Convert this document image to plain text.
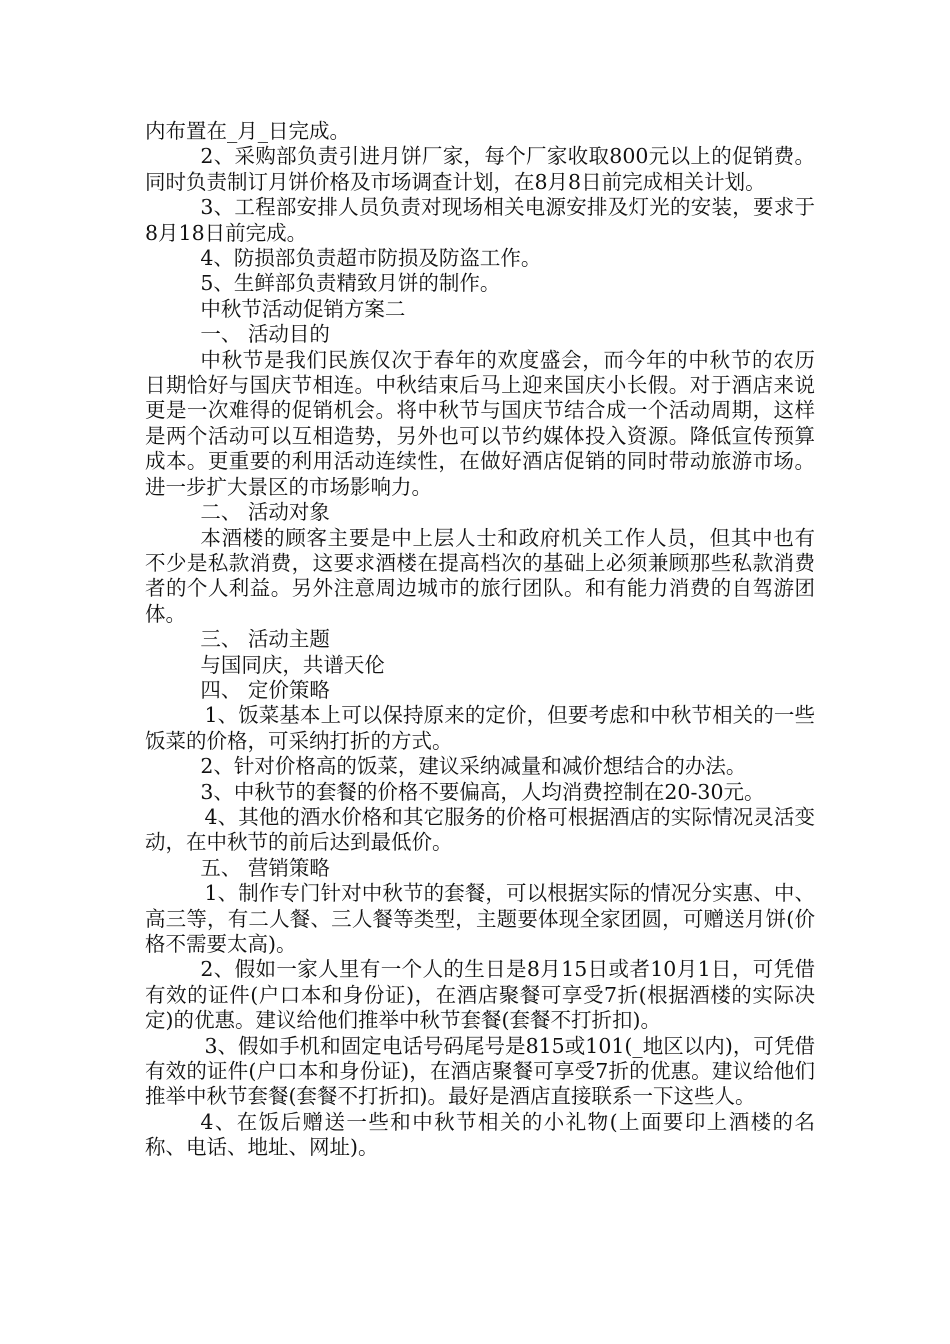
内布置在_月_日完成。

2、采购部负责引进月饼厂家，每个厂家收取800元以上的促销费。同时负责制订月饼价格及市场调查计划，在8月8日前完成相关计划。

3、工程部安排人员负责对现场相关电源安排及灯光的安装，要求于8月18日前完成。

4、防损部负责超市防损及防盗工作。

5、生鲜部负责精致月饼的制作。

中秋节活动促销方案二

一、 活动目的

中秋节是我们民族仅次于春年的欢度盛会，而今年的中秋节的农历日期恰好与国庆节相连。中秋结束后马上迎来国庆小长假。对于酒店来说更是一次难得的促销机会。将中秋节与国庆节结合成一个活动周期，这样是两个活动可以互相造势，另外也可以节约媒体投入资源。降低宣传预算成本。更重要的利用活动连续性，在做好酒店促销的同时带动旅游市场。进一步扩大景区的市场影响力。

二、 活动对象

本酒楼的顾客主要是中上层人士和政府机关工作人员，但其中也有不少是私款消费，这要求酒楼在提高档次的基础上必须兼顾那些私款消费者的个人利益。另外注意周边城市的旅行团队。和有能力消费的自驾游团体。

三、 活动主题

与国同庆，共谱天伦

四、 定价策略

1、饭菜基本上可以保持原来的定价，但要考虑和中秋节相关的一些饭菜的价格，可采纳打折的方式。

2、针对价格高的饭菜，建议采纳减量和减价想结合的办法。

3、中秋节的套餐的价格不要偏高，人均消费控制在20-30元。

4、其他的酒水价格和其它服务的价格可根据酒店的实际情况灵活变动，在中秋节的前后达到最低价。

五、 营销策略

1、制作专门针对中秋节的套餐，可以根据实际的情况分实惠、中、高三等，有二人餐、三人餐等类型，主题要体现全家团圆，可赠送月饼(价格不需要太高)。

2、假如一家人里有一个人的生日是8月15日或者10月1日，可凭借有效的证件(户口本和身份证)，在酒店聚餐可享受7折(根据酒楼的实际决定)的优惠。建议给他们推举中秋节套餐(套餐不打折扣)。

3、假如手机和固定电话号码尾号是815或101(_地区以内)，可凭借有效的证件(户口本和身份证)，在酒店聚餐可享受7折的优惠。建议给他们推举中秋节套餐(套餐不打折扣)。最好是酒店直接联系一下这些人。

4、在饭后赠送一些和中秋节相关的小礼物(上面要印上酒楼的名称、电话、地址、网址)。
